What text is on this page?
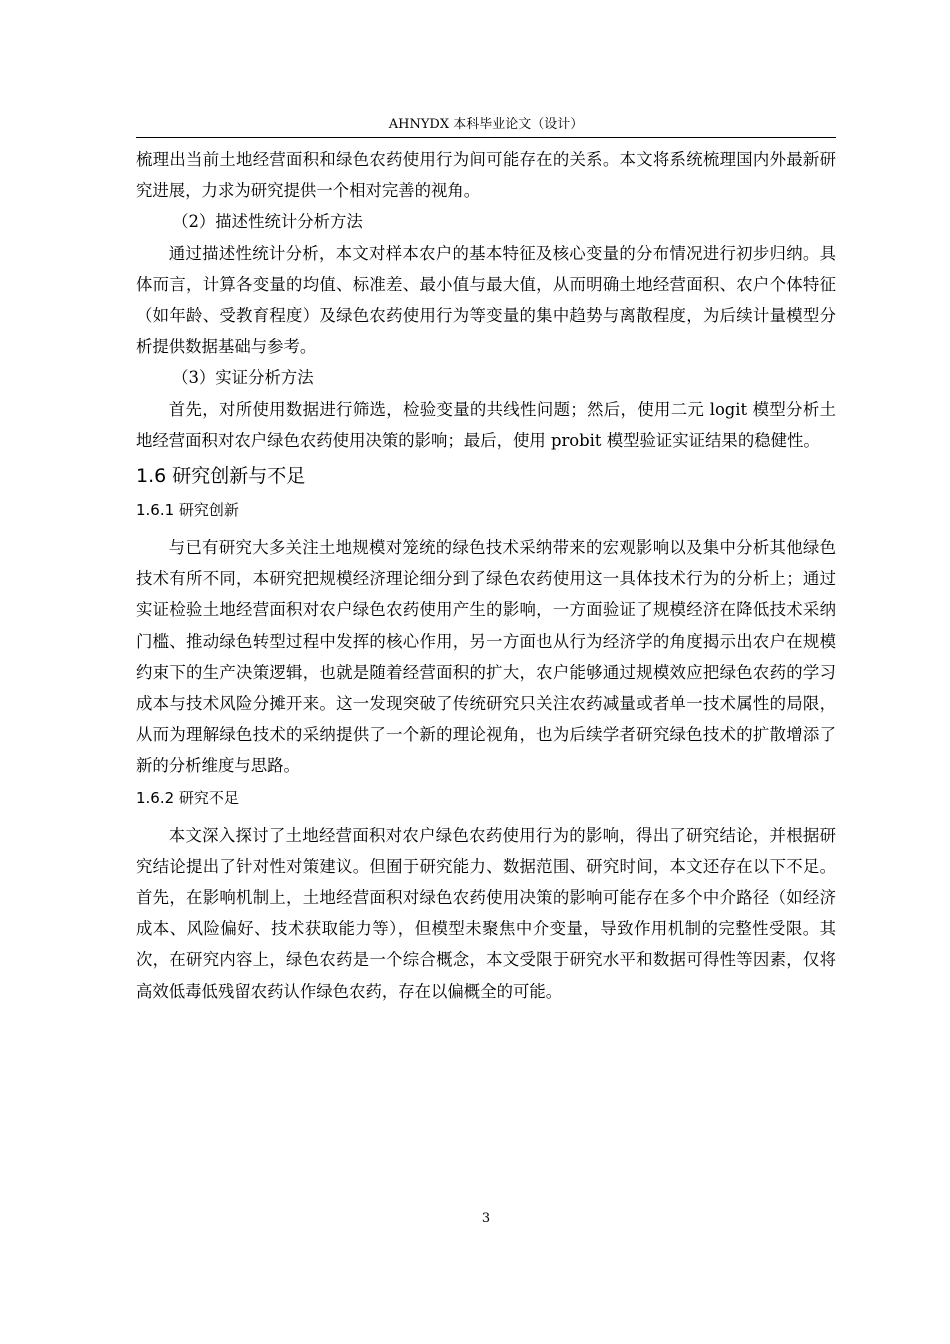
AHNYDX 本科毕业论文（设计）

梳理出当前土地经营面积和绿色农药使用行为间可能存在的关系。本文将系统梳理国内外最新研究进展，力求为研究提供一个相对完善的视角。

（2）描述性统计分析方法

通过描述性统计分析，本文对样本农户的基本特征及核心变量的分布情况进行初步归纳。具体而言，计算各变量的均值、标准差、最小值与最大值，从而明确土地经营面积、农户个体特征（如年龄、受教育程度）及绿色农药使用行为等变量的集中趋势与离散程度，为后续计量模型分析提供数据基础与参考。

（3）实证分析方法

首先，对所使用数据进行筛选，检验变量的共线性问题；然后，使用二元 logit 模型分析土地经营面积对农户绿色农药使用决策的影响；最后，使用 probit 模型验证实证结果的稳健性。

1.6 研究创新与不足
1.6.1 研究创新

与已有研究大多关注土地规模对笼统的绿色技术采纳带来的宏观影响以及集中分析其他绿色技术有所不同，本研究把规模经济理论细分到了绿色农药使用这一具体技术行为的分析上；通过实证检验土地经营面积对农户绿色农药使用产生的影响，一方面验证了规模经济在降低技术采纳门槛、推动绿色转型过程中发挥的核心作用，另一方面也从行为经济学的角度揭示出农户在规模约束下的生产决策逻辑，也就是随着经营面积的扩大，农户能够通过规模效应把绿色农药的学习成本与技术风险分摊开来。这一发现突破了传统研究只关注农药减量或者单一技术属性的局限，从而为理解绿色技术的采纳提供了一个新的理论视角，也为后续学者研究绿色技术的扩散增添了新的分析维度与思路。

1.6.2 研究不足

本文深入探讨了土地经营面积对农户绿色农药使用行为的影响，得出了研究结论，并根据研究结论提出了针对性对策建议。但囿于研究能力、数据范围、研究时间，本文还存在以下不足。首先，在影响机制上，土地经营面积对绿色农药使用决策的影响可能存在多个中介路径（如经济成本、风险偏好、技术获取能力等），但模型未聚焦中介变量，导致作用机制的完整性受限。其次，在研究内容上，绿色农药是一个综合概念，本文受限于研究水平和数据可得性等因素，仅将高效低毒低残留农药认作绿色农药，存在以偏概全的可能。

3
